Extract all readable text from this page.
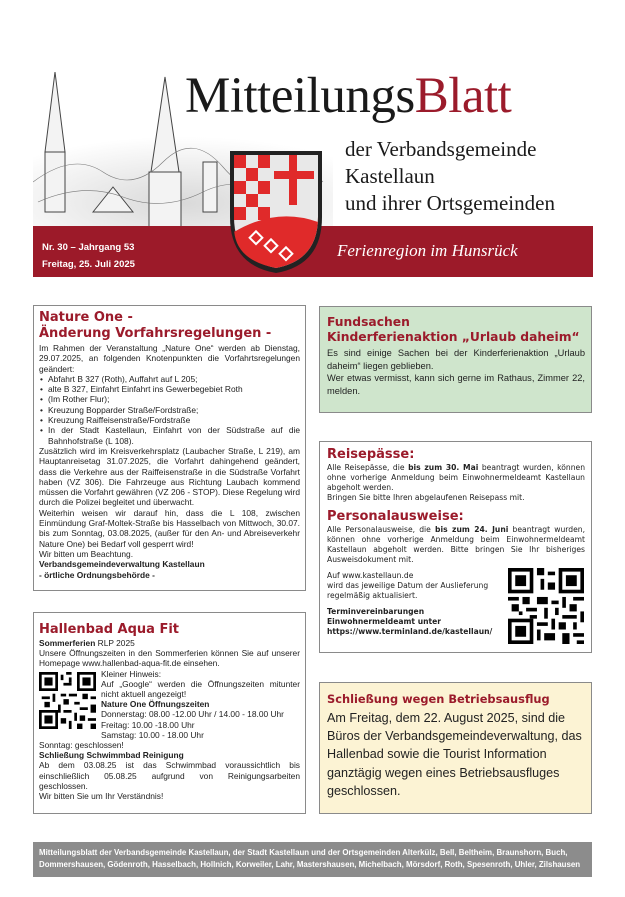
MitteilungsBlatt
der Verbandsgemeinde
Kastellaun
und ihrer Ortsgemeinden
Nr. 30 – Jahrgang 53
Freitag, 25. Juli 2025
Ferienregion im Hunsrück
Nature One -
Änderung Vorfahrsregelungen -
Im Rahmen der Veranstaltung „Nature One“ werden ab Dienstag, 29.07.2025, an folgenden Knotenpunkten die Vorfahrtsregelungen geändert:
• Abfahrt B 327 (Roth), Auffahrt auf L 205;
• alte B 327, Einfahrt Einfahrt ins Gewerbegebiet Roth
• (Im Rother Flur);
• Kreuzung Bopparder Straße/Fordstraße;
• Kreuzung Raiffeisenstraße/Fordstraße
• In der Stadt Kastellaun, Einfahrt von der Südstraße auf die Bahnhofstraße (L 108).
Zusätzlich wird im Kreisverkehrsplatz (Laubacher Straße, L 219), am Hauptanreisetag 31.07.2025, die Vorfahrt dahingehend geändert, dass die Verkehre aus der Raiffeisenstraße in die Südstraße Vorfahrt haben (VZ 306). Die Fahrzeuge aus Richtung Laubach kommend müssen die Vorfahrt gewähren (VZ 206 - STOP). Diese Regelung wird durch die Polizei begleitet und überwacht.
Weiterhin weisen wir darauf hin, dass die L 108, zwischen Einmündung Graf-Moltek-Straße bis Hasselbach von Mittwoch, 30.07. bis zum Sonntag, 03.08.2025, (außer für den An- und Abreiseverkehr Nature One) bei Bedarf voll gesperrt wird!
Wir bitten um Beachtung.
Verbandsgemeindeverwaltung Kastellaun
- örtliche Ordnungsbehörde -
Hallenbad Aqua Fit
Sommerferien RLP 2025
Unsere Öffnungszeiten in den Sommerferien können Sie auf unserer Homepage www.hallenbad-aqua-fit.de einsehen.
Kleiner Hinweis:
Auf „Google“ werden die Öffnungszeiten mitunter nicht aktuell angezeigt!
Nature One Öffnungszeiten
Donnerstag: 08.00 -12.00 Uhr / 14.00 - 18.00 Uhr
Freitag: 10.00 -18.00 Uhr
Samstag: 10.00 - 18.00 Uhr
Sonntag: geschlossen!
Schließung Schwimmbad Reinigung
Ab dem 03.08.25 ist das Schwimmbad voraussichtlich bis einschließlich 05.08.25 aufgrund von Reinigungsarbeiten geschlossen.
Wir bitten Sie um Ihr Verständnis!
Fundsachen
Kinderferienaktion „Urlaub daheim“
Es sind einige Sachen bei der Kinderferienaktion „Urlaub daheim“ liegen geblieben.
Wer etwas vermisst, kann sich gerne im Rathaus, Zimmer 22, melden.
Reisepässe:
Alle Reisepässe, die bis zum 30. Mai beantragt wurden, können ohne vorherige Anmeldung beim Einwohnermeldeamt Kastellaun abgeholt werden.
Bringen Sie bitte Ihren abgelaufenen Reisepass mit.
Personalausweise:
Alle Personalausweise, die bis zum 24. Juni beantragt wurden, können ohne vorherige Anmeldung beim Einwohnermeldeamt Kastellaun abgeholt werden. Bitte bringen Sie Ihr bisheriges Ausweisdokument mit.
Auf www.kastellaun.de
wird das jeweilige Datum der Auslieferung
regelmäßig aktualisiert.
Terminvereinbarungen
Einwohnermeldeamt unter
https://www.terminland.de/kastellaun/
Schließung wegen Betriebsausflug
Am Freitag, dem 22. August 2025, sind die Büros der Verbandsgemeindeverwaltung, das Hallenbad sowie die Tourist Information ganztägig wegen eines Betriebsausfluges geschlossen.
Mitteilungsblatt der Verbandsgemeinde Kastellaun, der Stadt Kastellaun und der Ortsgemeinden Alterkülz, Bell, Beltheim, Braunshorn, Buch,
Dommershausen, Gödenroth, Hasselbach, Hollnich, Korweiler, Lahr, Mastershausen, Michelbach, Mörsdorf, Roth, Spesenroth, Uhler, Zilshausen
